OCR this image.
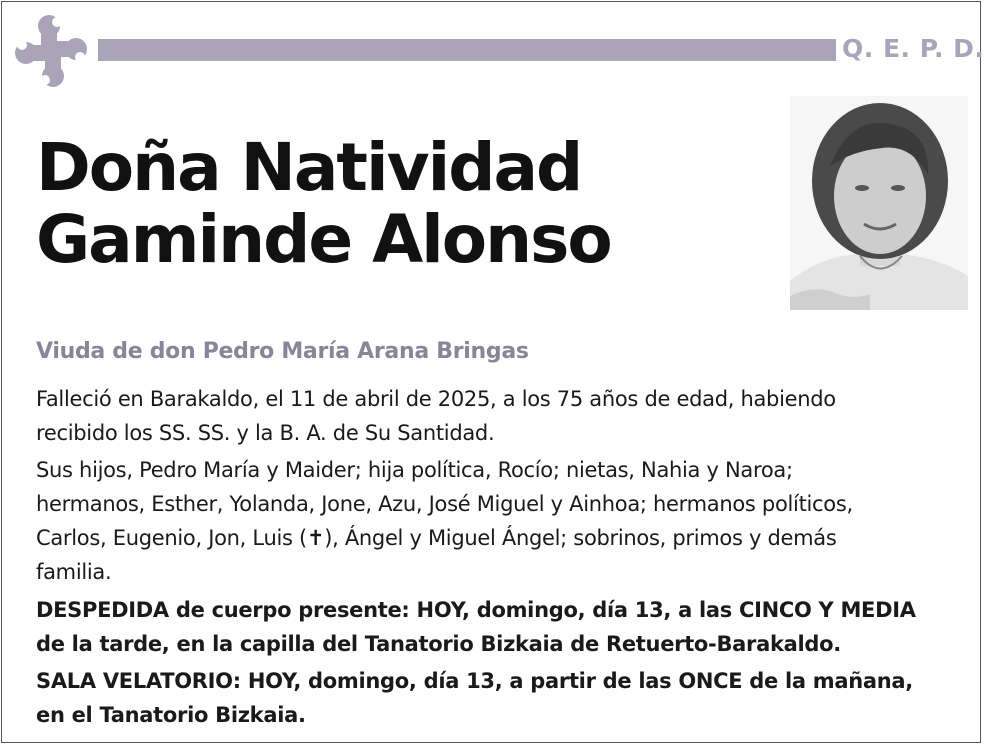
Q. E. P. D.
Doña Natividad
Gaminde Alonso
Viuda de don Pedro María Arana Bringas
Falleció en Barakaldo, el 11 de abril de 2025, a los 75 años de edad, habiendo
recibido los SS. SS. y la B. A. de Su Santidad.
Sus hijos, Pedro María y Maider; hija política, Rocío; nietas, Nahia y Naroa;
hermanos, Esther, Yolanda, Jone, Azu, José Miguel y Ainhoa; hermanos políticos,
Carlos, Eugenio, Jon, Luis (✝), Ángel y Miguel Ángel; sobrinos, primos y demás
familia.
DESPEDIDA de cuerpo presente: HOY, domingo, día 13, a las CINCO Y MEDIA
de la tarde, en la capilla del Tanatorio Bizkaia de Retuerto-Barakaldo.
SALA VELATORIO: HOY, domingo, día 13, a partir de las ONCE de la mañana,
en el Tanatorio Bizkaia.
